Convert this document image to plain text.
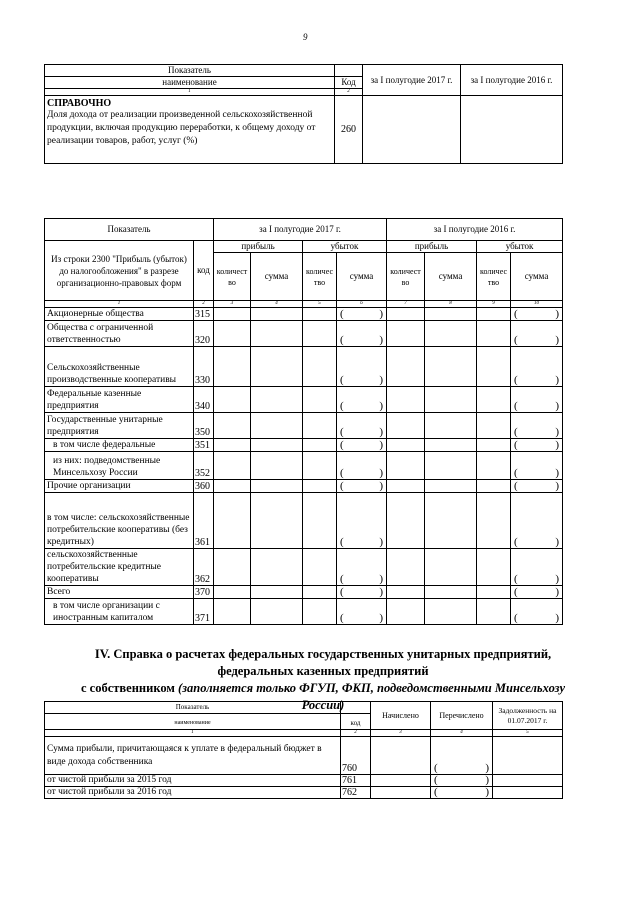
9
Показатель		за I полугодие 2017 г.	за I полугодие 2016 г.
наименование	Код		
1	2		

СПРАВОЧНО
Доля дохода от реализации произведенной сельскохозяйственной продукции, включая продукцию переработки, к общему доходу от реализации товаров, работ, услуг (%)	260		
Показатель		за I полугодие 2017 г.				за I полугодие 2016 г.			
Из строки 2300 "Прибыль (убыток) до налогообложения" в разрезе организационно-правовых форм	код	прибыль		убыток		прибыль		убыток	
		количество	сумма	количество	сумма	количество	сумма	количество	сумма
1	2	3	4	5	6	7	8	9	10
Акционерные общества	315				( )				( )

Общества с ограниченной ответственностью	320				( )				( )

Сельскохозяйственные производственные кооперативы	330				( )				( )

Федеральные казенные предприятия	340				( )				( )

Государственные унитарные предприятия	350				( )				( )

в том числе федеральные	351				( )				( )

из них: подведомственные Минсельхозу России	352				( )				( )

Прочие организации	360				( )				( )

в том числе: сельскохозяйственные потребительские кооперативы (без кредитных)	361				( )				( )

сельскохозяйственные потребительские кредитные кооперативы	362				( )				( )

Всего	370				( )				( )

в том числе организации с иностранным капиталом	371				( )				( )
IV. Справка о расчетах федеральных государственных унитарных предприятий,
федеральных казенных предприятий
с собственником (заполняется только ФГУП, ФКП, подведомственными Минсельхозу
России)
Показатель		Начислено	Перечислено	Задолженность на 01.07.2017 г.
наименование	код			
1	2	3	4	5
Сумма прибыли, причитающаяся к уплате в федеральный бюджет в виде дохода собственника	760		( )	

от чистой прибыли за 2015 год	761		( )	

от чистой прибыли за 2016 год	762		( )	
